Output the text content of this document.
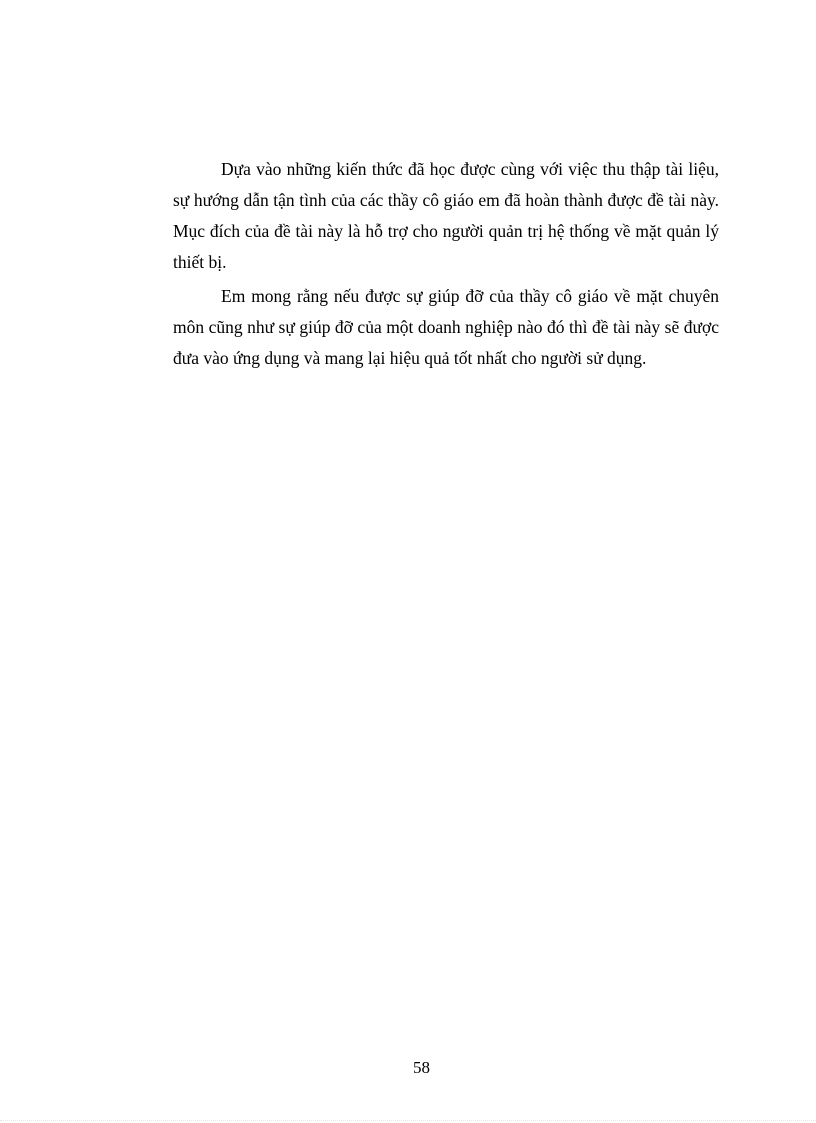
Dựa vào những kiến thức đã học được cùng với việc thu thập tài liệu, sự hướng dẫn tận tình của các thầy cô giáo em đã hoàn thành được đề tài này. Mục đích của đề tài này là hỗ trợ cho người quản trị hệ thống về mặt quản lý thiết bị.

Em mong rằng nếu được sự giúp đỡ của thầy cô giáo về mặt chuyên môn cũng như sự giúp đỡ của một doanh nghiệp nào đó thì đề tài này sẽ được đưa vào ứng dụng và mang lại hiệu quả tốt nhất cho người sử dụng.

58
